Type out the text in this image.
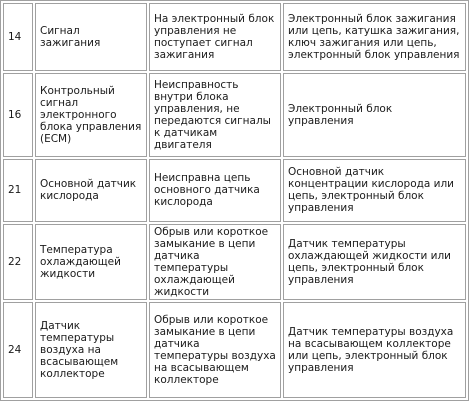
14	Сигнал зажигания	На электронный блок управления не поступает сигнал зажигания	Электронный блок зажигания или цепь, катушка зажигания, ключ зажигания или цепь, электронный блок управления
16	Контрольный сигнал электронного блока управления (ECM)	Неисправность внутри блока управления, не передаются сигналы к датчикам двигателя	Электронный блок управления
21	Основной датчик кислорода	Неисправна цепь основного датчика кислорода	Основной датчик концентрации кислорода или цепь, электронный блок управления
22	Температура охлаждающей жидкости	Обрыв или короткое замыкание в цепи датчика температуры охлаждающей жидкости	Датчик температуры охлаждающей жидкости или цепь, электронный блок управления
24	Датчик температуры воздуха на всасывающем коллекторе	Обрыв или короткое замыкание в цепи датчика температуры воздуха на всасывающем коллекторе	Датчик температуры воздуха на всасывающем коллекторе или цепь, электронный блок управления
